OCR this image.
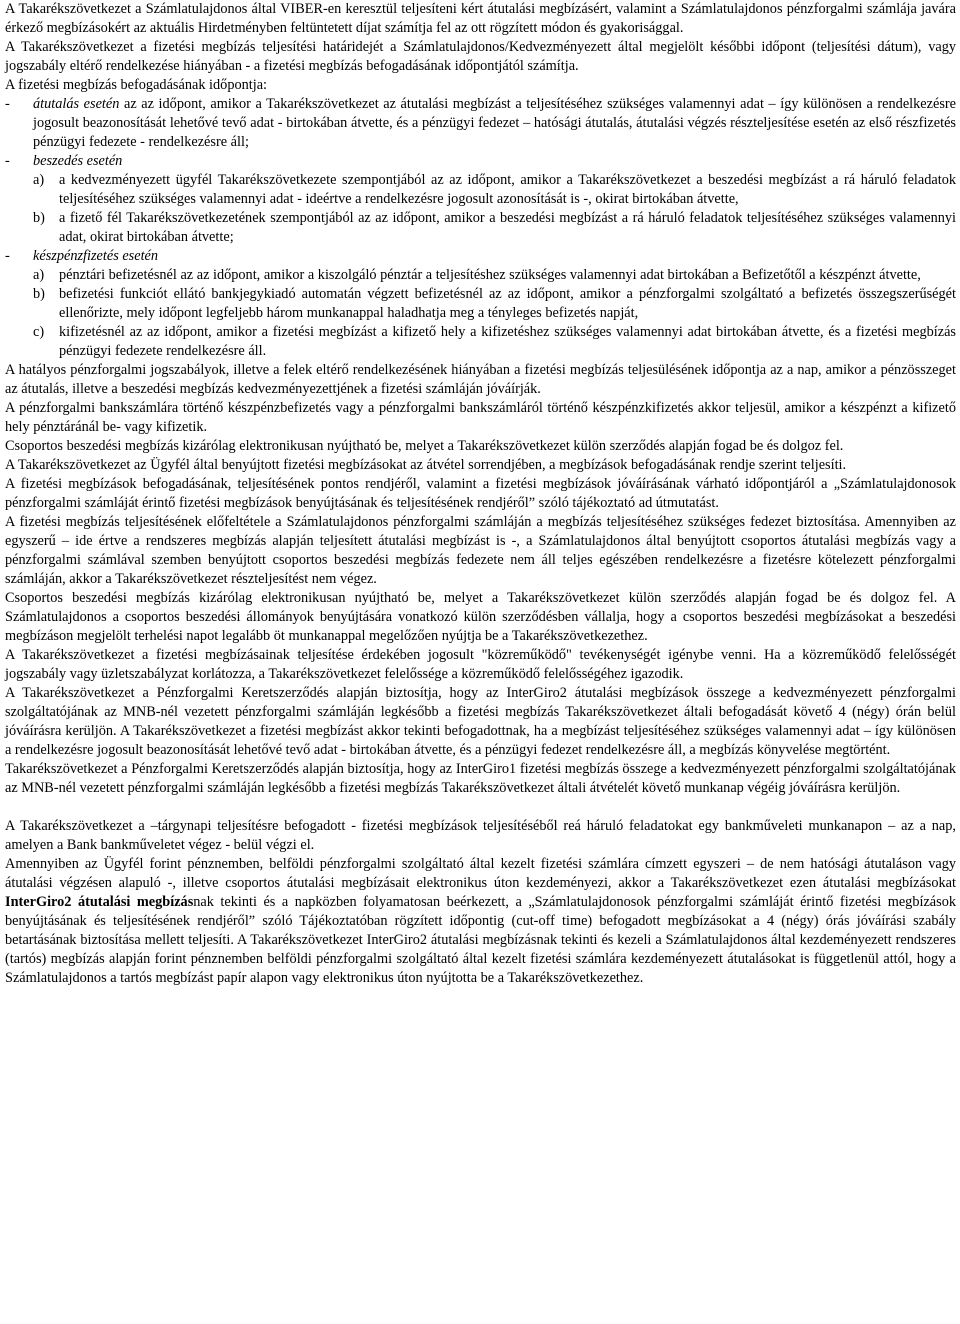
A Takarékszövetkezet a Számlatulajdonos által VIBER-en keresztül teljesíteni kért átutalási megbízásért, valamint a Számlatulajdonos pénzforgalmi számlája javára érkező megbízásokért az aktuális Hirdetményben feltüntetett díjat számítja fel az ott rögzített módon és gyakorisággal.

A Takarékszövetkezet a fizetési megbízás teljesítési határidejét a Számlatulajdonos/Kedvezményezett által megjelölt későbbi időpont (teljesítési dátum), vagy jogszabály eltérő rendelkezése hiányában - a fizetési megbízás befogadásának időpontjától számítja.

A fizetési megbízás befogadásának időpontja:

-	átutalás esetén az az időpont, amikor a Takarékszövetkezet az átutalási megbízást a teljesítéséhez szükséges valamennyi adat – így különösen a rendelkezésre jogosult beazonosítását lehetővé tevő adat - birtokában átvette, és a pénzügyi fedezet – hatósági átutalás, átutalási végzés részteljesítése esetén az első részfizetés pénzügyi fedezete - rendelkezésre áll;
-	beszedés esetén
a)	a kedvezményezett ügyfél Takarékszövetkezete szempontjából az az időpont, amikor a Takarékszövetkezet a beszedési megbízást a rá háruló feladatok teljesítéséhez szükséges valamennyi adat - ideértve a rendelkezésre jogosult azonosítását is -, okirat birtokában átvette,
b) a fizető fél Takarékszövetkezetének szempontjából az az időpont, amikor a beszedési megbízást a rá háruló feladatok teljesítéséhez szükséges valamennyi adat, okirat birtokában átvette;
-	készpénzfizetés esetén
a)	pénztári befizetésnél az az időpont, amikor a kiszolgáló pénztár a teljesítéshez szükséges valamennyi adat birtokában a Befizetőtől a készpénzt átvette,
b) befizetési funkciót ellátó bankjegykiadó automatán végzett befizetésnél az az időpont, amikor a pénzforgalmi szolgáltató a befizetés összegszerűségét ellenőrizte, mely időpont legfeljebb három munkanappal haladhatja meg a tényleges befizetés napját,
c)	kifizetésnél az az időpont, amikor a fizetési megbízást a kifizető hely a kifizetéshez szükséges valamennyi adat birtokában átvette, és a fizetési megbízás pénzügyi fedezete rendelkezésre áll.

A hatályos pénzforgalmi jogszabályok, illetve a felek eltérő rendelkezésének hiányában a fizetési megbízás teljesülésének időpontja az a nap, amikor a pénzösszeget az átutalás, illetve a beszedési megbízás kedvezményezettjének a fizetési számláján jóváírják.

A pénzforgalmi bankszámlára történő készpénzbefizetés vagy a pénzforgalmi bankszámláról történő készpénzkifizetés akkor teljesül, amikor a készpénzt a kifizető hely pénztáránál be- vagy kifizetik.

Csoportos beszedési megbízás kizárólag elektronikusan nyújtható be, melyet a Takarékszövetkezet külön szerződés alapján fogad be és dolgoz fel.

A Takarékszövetkezet az Ügyfél által benyújtott fizetési megbízásokat az átvétel sorrendjében, a megbízások befogadásának rendje szerint teljesíti.

A fizetési megbízások befogadásának, teljesítésének pontos rendjéről, valamint a fizetési megbízások jóváírásának várható időpontjáról a „Számlatulajdonosok pénzforgalmi számláját érintő fizetési megbízások benyújtásának és teljesítésének rendjéről” szóló tájékoztató ad útmutatást.

A fizetési megbízás teljesítésének előfeltétele a Számlatulajdonos pénzforgalmi számláján a megbízás teljesítéséhez szükséges fedezet biztosítása. Amennyiben az egyszerű – ide értve a rendszeres megbízás alapján teljesített átutalási megbízást is -, a Számlatulajdonos által benyújtott csoportos átutalási megbízás vagy a pénzforgalmi számlával szemben benyújtott csoportos beszedési megbízás fedezete nem áll teljes egészében rendelkezésre a fizetésre kötelezett pénzforgalmi számláján, akkor a Takarékszövetkezet részteljesítést nem végez.

Csoportos beszedési megbízás kizárólag elektronikusan nyújtható be, melyet a Takarékszövetkezet külön szerződés alapján fogad be és dolgoz fel. A Számlatulajdonos a csoportos beszedési állományok benyújtására vonatkozó külön szerződésben vállalja, hogy a csoportos beszedési megbízásokat a beszedési megbízáson megjelölt terhelési napot legalább öt munkanappal megelőzően nyújtja be a Takarékszövetkezethez.

A Takarékszövetkezet a fizetési megbízásainak teljesítése érdekében jogosult "közreműködő" tevékenységét igénybe venni. Ha a közreműködő felelősségét jogszabály vagy üzletszabályzat korlátozza, a Takarékszövetkezet felelőssége a közreműködő felelősségéhez igazodik.

A Takarékszövetkezet a Pénzforgalmi Keretszerződés alapján biztosítja, hogy az InterGiro2 átutalási megbízások összege a kedvezményezett pénzforgalmi szolgáltatójának az MNB-nél vezetett pénzforgalmi számláján legkésőbb a fizetési megbízás Takarékszövetkezet általi befogadását követő 4 (négy) órán belül jóváírásra kerüljön. A Takarékszövetkezet a fizetési megbízást akkor tekinti befogadottnak, ha a megbízást teljesítéséhez szükséges valamennyi adat – így különösen a rendelkezésre jogosult beazonosítását lehetővé tevő adat - birtokában átvette, és a pénzügyi fedezet rendelkezésre áll, a megbízás könyvelése megtörtént.

Takarékszövetkezet a Pénzforgalmi Keretszerződés alapján biztosítja, hogy az InterGiro1 fizetési megbízás összege a kedvezményezett pénzforgalmi szolgáltatójának az MNB-nél vezetett pénzforgalmi számláján legkésőbb a fizetési megbízás Takarékszövetkezet általi átvételét követő munkanap végéig jóváírásra kerüljön.

A Takarékszövetkezet a –tárgynapi teljesítésre befogadott - fizetési megbízások teljesítéséből reá háruló feladatokat egy bankműveleti munkanapon – az a nap, amelyen a Bank bankműveletet végez - belül végzi el.

Amennyiben az Ügyfél forint pénznemben, belföldi pénzforgalmi szolgáltató által kezelt fizetési számlára címzett egyszeri – de nem hatósági átutaláson vagy átutalási végzésen alapuló -, illetve csoportos átutalási megbízásait elektronikus úton kezdeményezi, akkor a Takarékszövetkezet ezen átutalási megbízásokat InterGiro2 átutalási megbízásnak tekinti és a napközben folyamatosan beérkezett, a „Számlatulajdonosok pénzforgalmi számláját érintő fizetési megbízások benyújtásának és teljesítésének rendjéről” szóló Tájékoztatóban rögzített időpontig (cut-off time) befogadott megbízásokat a 4 (négy) órás jóváírási szabály betartásának biztosítása mellett teljesíti. A Takarékszövetkezet InterGiro2 átutalási megbízásnak tekinti és kezeli a Számlatulajdonos által kezdeményezett rendszeres (tartós) megbízás alapján forint pénznemben belföldi pénzforgalmi szolgáltató által kezelt fizetési számlára kezdeményezett átutalásokat is függetlenül attól, hogy a Számlatulajdonos a tartós megbízást papír alapon vagy elektronikus úton nyújtotta be a Takarékszövetkezethez.
